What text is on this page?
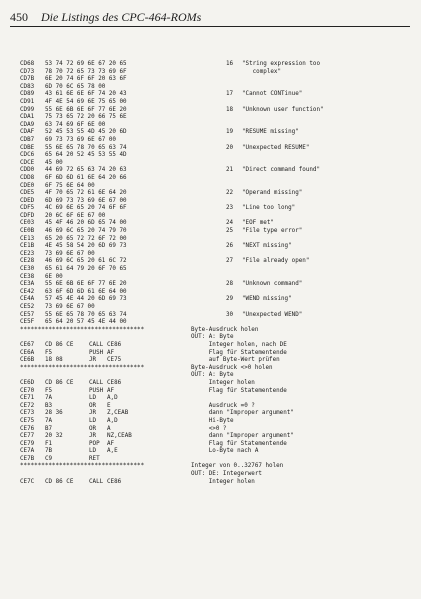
450 Die Listings des CPC-464-ROMs
CD68 53 74 72 69 6E 67 20 65	16 "String expression too
CD73 78 70 72 65 73 73 69 6F	complex"
CD7B 6E 20 74 6F 6F 20 63 6F
CD83 6D 70 6C 65 78 00
CD89 43 61 6E 6E 6F 74 20 43	17 "Cannot CONTinue"
CD91 4F 4E 54 69 6E 75 65 00
CD99 55 6E 6B 6E 6F 77 6E 20	18 "Unknown user function"
CDA1 75 73 65 72 20 66 75 6E
CDA9 63 74 69 6F 6E 00
CDAF 52 45 53 55 4D 45 20 6D	19 "RESUME missing"
CDB7 69 73 73 69 6E 67 00
CDBE 55 6E 65 78 70 65 63 74	20 "Unexpected RESUME"
CDC6 65 64 20 52 45 53 55 4D
CDCE 45 00
CDD0 44 69 72 65 63 74 20 63	21 "Direct command found"
CDD8 6F 6D 6D 61 6E 64 20 66
CDE0 6F 75 6E 64 00
CDE5 4F 70 65 72 61 6E 64 20	22 "Operand missing"
CDED 6D 69 73 73 69 6E 67 00
CDF5 4C 69 6E 65 20 74 6F 6F	23 "Line too long"
CDFD 20 6C 6F 6E 67 00
CE03 45 4F 46 20 6D 65 74 00	24 "EOF met"
CE0B 46 69 6C 65 20 74 79 70	25 "File type error"
CE13 65 20 65 72 72 6F 72 00
CE1B 4E 45 58 54 20 6D 69 73	26 "NEXT missing"
CE23 73 69 6E 67 00
CE28 46 69 6C 65 20 61 6C 72	27 "File already open"
CE30 65 61 64 79 20 6F 70 65
CE38 6E 00
CE3A 55 6E 6B 6E 6F 77 6E 20	28 "Unknown command"
CE42 63 6F 6D 6D 61 6E 64 00
CE4A 57 45 4E 44 20 6D 69 73	29 "WEND missing"
CE52 73 69 6E 67 00
CE57 55 6E 65 78 70 65 63 74	30 "Unexpected WEND"
CE5F 65 64 20 57 45 4E 44 00
Byte-Ausdruck holen
***********************************
OUT: A: Byte
CE67 CD 86 CE	CALL CE86	Integer holen, nach DE
CE6A F5	PUSH AF	Flag für Statementende
CE6B 18 08	JR CE75	auf Byte-Wert prüfen
Byte-Ausdruck <>0 holen
***********************************
OUT: A: Byte
CE6D CD 86 CE	CALL CE86	Integer holen
CE70 F5	PUSH AF	Flag für Statementende
CE71 7A	LD A,D
CE72 B3	OR E	Ausdruck =0 ?
CE73 28 36	JR Z,CEAB	dann "Improper argument"
CE75 7A	LD A,D	Hi-Byte
CE76 B7	OR A	<>0 ?
CE77 20 32	JR NZ,CEAB	dann "Improper argument"
CE79 F1	POP AF	Flag für Statementende
CE7A 7B	LD A,E	Lo-Byte nach A
CE7B C9	RET
Integer von 0..32767 holen
***********************************
OUT: DE: Integerwert
CE7C CD 86 CE	CALL CE86	Integer holen
